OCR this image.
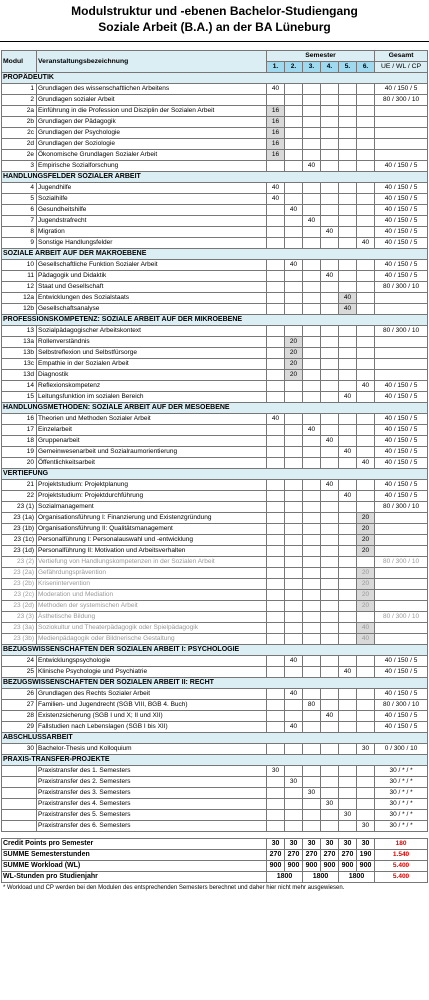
Modulstruktur und -ebenen Bachelor-Studiengang
Soziale Arbeit (B.A.) an der BA Lüneburg
Modul	Veranstaltungsbezeichnung	Semester						Gesamt
		1.	2.	3.	4.	5.	6.	UE / WL / CP
PROPÄDEUTIK								
1	Grundlagen des wissenschaftlichen Arbeitens	40						40 / 150 / 5
2	Grundlagen sozialer Arbeit							80 / 300 / 10
2a	Einführung in die Profession und Disziplin der Sozialen Arbeit	16						
2b	Grundlagen der Pädagogik	16						
2c	Grundlagen der Psychologie	16						
2d	Grundlagen der Soziologie	16						
2e	Ökonomische Grundlagen Sozialer Arbeit	16						
3	Empirische Sozialforschung			40				40 / 150 / 5
HANDLUNGSFELDER SOZIALER ARBEIT								
4	Jugendhilfe	40						40 / 150 / 5
5	Sozialhilfe	40						40 / 150 / 5
6	Gesundheitshilfe		40					40 / 150 / 5
7	Jugendstrafrecht			40				40 / 150 / 5
8	Migration				40			40 / 150 / 5
9	Sonstige Handlungsfelder						40	40 / 150 / 5
SOZIALE ARBEIT AUF DER MAKROEBENE								
10	Gesellschaftliche Funktion Sozialer Arbeit		40					40 / 150 / 5
11	Pädagogik und Didaktik				40			40 / 150 / 5
12	Staat und Gesellschaft							80 / 300 / 10
12a	Entwicklungen des Sozialstaats					40		
12b	Gesellschaftsanalyse					40		
PROFESSIONSKOMPETENZ: SOZIALE ARBEIT AUF DER MIKROEBENE								
13	Sozialpädagogischer Arbeitskontext							80 / 300 / 10
13a	Rollenverständnis		20					
13b	Selbstreflexion und Selbstfürsorge		20					
13c	Empathie in der Sozialen Arbeit		20					
13d	Diagnostik		20					
14	Reflexionskompetenz						40	40 / 150 / 5
15	Leitungsfunktion im sozialen Bereich					40		40 / 150 / 5
HANDLUNGSMETHODEN: SOZIALE ARBEIT AUF DER MESOEBENE								
16	Theorien und Methoden Sozialer Arbeit	40						40 / 150 / 5
17	Einzelarbeit			40				40 / 150 / 5
18	Gruppenarbeit				40			40 / 150 / 5
19	Gemeinwesenarbeit und Sozialraumorientierung					40		40 / 150 / 5
20	Öffentlichkeitsarbeit						40	40 / 150 / 5
VERTIEFUNG								
21	Projektstudium: Projektplanung				40			40 / 150 / 5
22	Projektstudium: Projektdurchführung					40		40 / 150 / 5
23 (1)	Sozialmanagement							80 / 300 / 10
23 (1a)	Organisationsführung I: Finanzierung und Existenzgründung						20	
23 (1b)	Organisationsführung II: Qualitätsmanagement						20	
23 (1c)	Personalführung I: Personalauswahl und -entwicklung						20	
23 (1d)	Personalführung II: Motivation und Arbeitsverhalten						20	
23 (2)	Vertiefung von Handlungskompetenzen in der Sozialen Arbeit							80 / 300 / 10
23 (2a)	Gefährdungsprävention						20	
23 (2b)	Krisenintervention						20	
23 (2c)	Moderation und Mediation						20	
23 (2d)	Methoden der systemischen Arbeit						20	
23 (3)	Ästhetische Bildung							80 / 300 / 10
23 (3a)	Soziokultur und Theaterpädagogik oder Spielpädagogik						40	
23 (3b)	Medienpädagogik oder Bildnerische Gestaltung						40	
BEZUGSWISSENSCHAFTEN DER SOZIALEN ARBEIT I: PSYCHOLOGIE								
24	Entwicklungspsychologie		40					40 / 150 / 5
25	Klinische Psychologie und Psychiatrie					40		40 / 150 / 5
BEZUGSWISSENSCHAFTEN DER SOZIALEN ARBEIT II: RECHT								
26	Grundlagen des Rechts Sozialer Arbeit		40					40 / 150 / 5
27	Familien- und Jugendrecht (SGB VIII, BGB 4. Buch)			80				80 / 300 / 10
28	Existenzsicherung (SGB I und X; II und XII)				40			40 / 150 / 5
29	Fallstudien nach Lebenslagen (SGB I bis XII)		40					40 / 150 / 5
ABSCHLUSSARBEIT								
30	Bachelor-Thesis und Kolloquium						30	0 / 300 / 10
PRAXIS-TRANSFER-PROJEKTE								
	Praxistransfer des 1. Semesters	30						30 / * / *
	Praxistransfer des 2. Semesters		30					30 / * / *
	Praxistransfer des 3. Semesters			30				30 / * / *
	Praxistransfer des 4. Semesters				30			30 / * / *
	Praxistransfer des 5. Semesters					30		30 / * / *
	Praxistransfer des 6. Semesters						30	30 / * / *

Credit Points pro Semester		30	30	30	30	30	30	180
SUMME Semesterstunden		270	270	270	270	270	190	1.540
SUMME Workload (WL)		900	900	900	900	900	900	5.400
WL-Stunden pro Studienjahr		1800		1800		1800		5.400
* Workload und CP werden bei den Modulen des entsprechenden Semesters berechnet und daher hier nicht mehr ausgewiesen.
